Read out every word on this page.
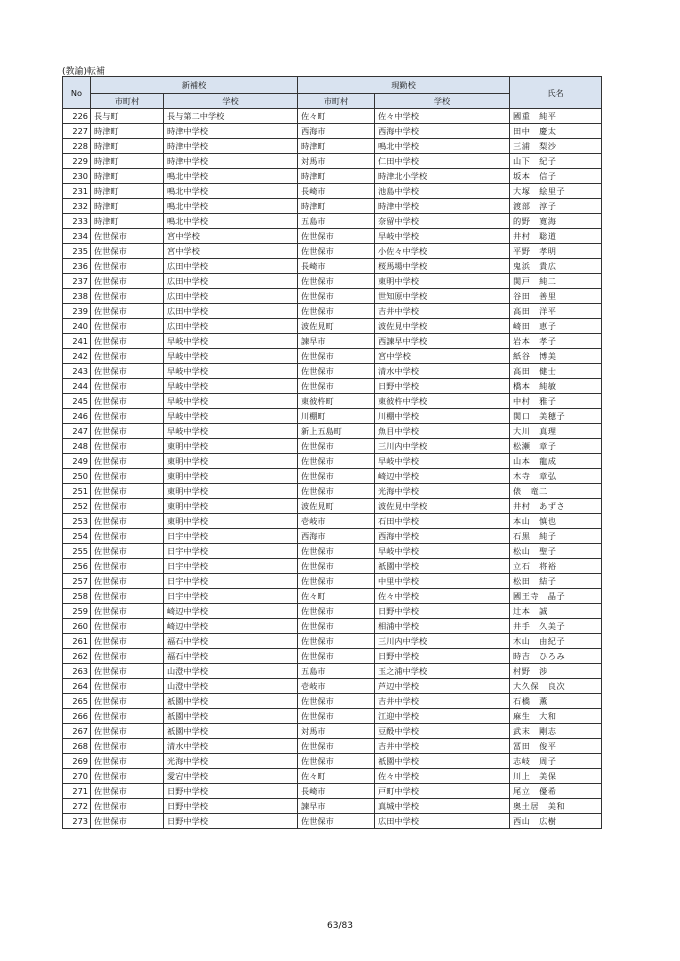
(教諭)転補
No	新補校		現勤校		氏名
	市町村	学校	市町村	学校	
226	長与町	長与第二中学校	佐々町	佐々中学校	國重　純平
227	時津町	時津中学校	西海市	西海中学校	田中　慶太
228	時津町	時津中学校	時津町	鳴北中学校	三浦　梨沙
229	時津町	時津中学校	対馬市	仁田中学校	山下　紀子
230	時津町	鳴北中学校	時津町	時津北小学校	坂本　信子
231	時津町	鳴北中学校	長崎市	池島中学校	大塚　絵里子
232	時津町	鳴北中学校	時津町	時津中学校	渡部　淳子
233	時津町	鳴北中学校	五島市	奈留中学校	的野　寛海
234	佐世保市	宮中学校	佐世保市	早岐中学校	井村　聡道
235	佐世保市	宮中学校	佐世保市	小佐々中学校	平野　孝明
236	佐世保市	広田中学校	長崎市	桜馬場中学校	鬼浜　貴広
237	佐世保市	広田中学校	佐世保市	東明中学校	関戸　純二
238	佐世保市	広田中学校	佐世保市	世知原中学校	谷田　善里
239	佐世保市	広田中学校	佐世保市	吉井中学校	高田　洋平
240	佐世保市	広田中学校	波佐見町	波佐見中学校	崎田　恵子
241	佐世保市	早岐中学校	諫早市	西諫早中学校	岩本　孝子
242	佐世保市	早岐中学校	佐世保市	宮中学校	紙谷　博美
243	佐世保市	早岐中学校	佐世保市	清水中学校	高田　健士
244	佐世保市	早岐中学校	佐世保市	日野中学校	橋本　純敏
245	佐世保市	早岐中学校	東彼杵町	東彼杵中学校	中村　雅子
246	佐世保市	早岐中学校	川棚町	川棚中学校	関口　美穂子
247	佐世保市	早岐中学校	新上五島町	魚目中学校	大川　真理
248	佐世保市	東明中学校	佐世保市	三川内中学校	松瀬　章子
249	佐世保市	東明中学校	佐世保市	早岐中学校	山本　龍成
250	佐世保市	東明中学校	佐世保市	崎辺中学校	木寺　章弘
251	佐世保市	東明中学校	佐世保市	光海中学校	俵　竜二
252	佐世保市	東明中学校	波佐見町	波佐見中学校	井村　あずさ
253	佐世保市	東明中学校	壱岐市	石田中学校	本山　慎也
254	佐世保市	日宇中学校	西海市	西海中学校	石黒　純子
255	佐世保市	日宇中学校	佐世保市	早岐中学校	松山　聖子
256	佐世保市	日宇中学校	佐世保市	祇園中学校	立石　将裕
257	佐世保市	日宇中学校	佐世保市	中里中学校	松田　結子
258	佐世保市	日宇中学校	佐々町	佐々中学校	國王寺　晶子
259	佐世保市	崎辺中学校	佐世保市	日野中学校	辻本　誠
260	佐世保市	崎辺中学校	佐世保市	相浦中学校	井手　久美子
261	佐世保市	福石中学校	佐世保市	三川内中学校	木山　由紀子
262	佐世保市	福石中学校	佐世保市	日野中学校	時吉　ひろみ
263	佐世保市	山澄中学校	五島市	玉之浦中学校	村野　渉
264	佐世保市	山澄中学校	壱岐市	芦辺中学校	大久保　良次
265	佐世保市	祇園中学校	佐世保市	吉井中学校	石橋　薫
266	佐世保市	祇園中学校	佐世保市	江迎中学校	麻生　大和
267	佐世保市	祇園中学校	対馬市	豆酘中学校	武末　剛志
268	佐世保市	清水中学校	佐世保市	吉井中学校	冨田　俊平
269	佐世保市	光海中学校	佐世保市	祇園中学校	志岐　周子
270	佐世保市	愛宕中学校	佐々町	佐々中学校	川上　美保
271	佐世保市	日野中学校	長崎市	戸町中学校	尾立　優希
272	佐世保市	日野中学校	諫早市	真城中学校	奥土居　美和
273	佐世保市	日野中学校	佐世保市	広田中学校	西山　広樹
63/83
